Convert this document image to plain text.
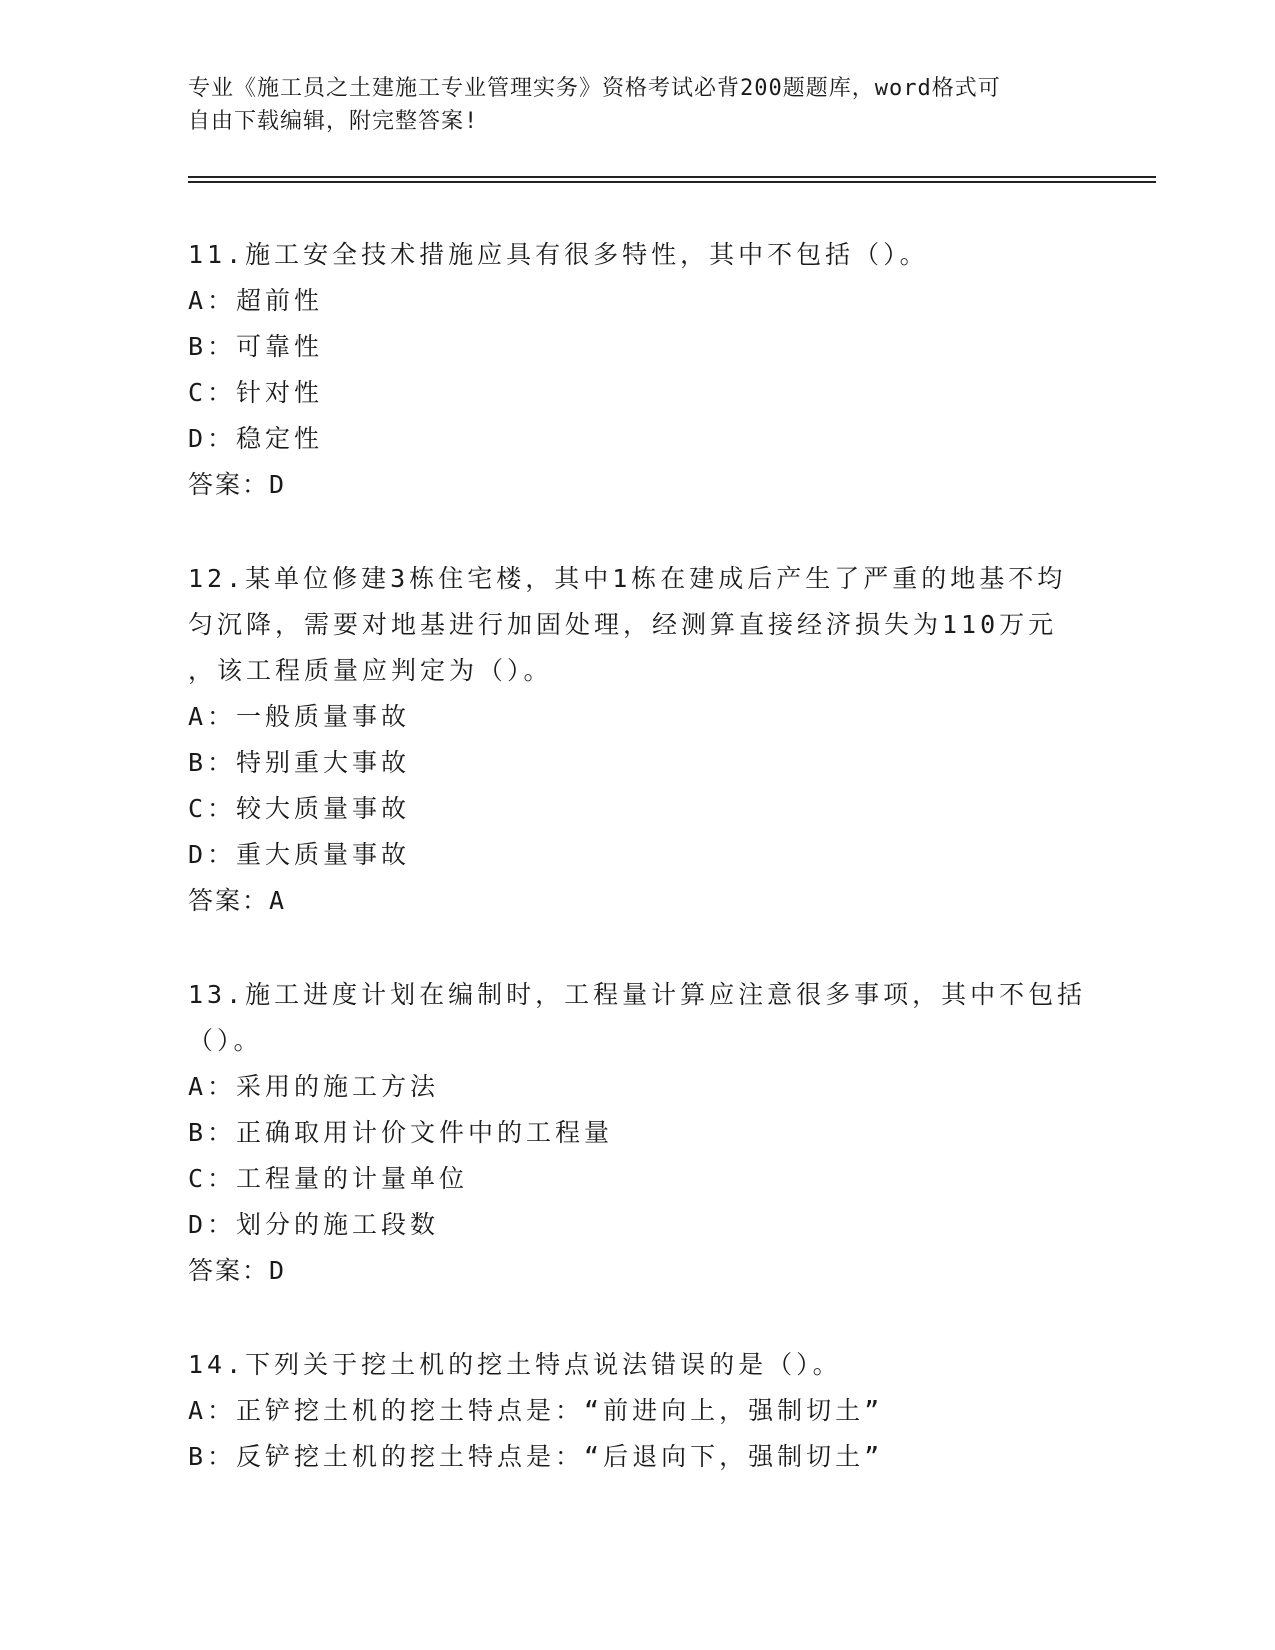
专业《施工员之土建施工专业管理实务》资格考试必背200题题库，word格式可
自由下载编辑，附完整答案!
11.施工安全技术措施应具有很多特性，其中不包括（）。
A：超前性
B：可靠性
C：针对性
D：稳定性
答案：D
12.某单位修建3栋住宅楼，其中1栋在建成后产生了严重的地基不均
匀沉降，需要对地基进行加固处理，经测算直接经济损失为110万元
，该工程质量应判定为（）。
A：一般质量事故
B：特别重大事故
C：较大质量事故
D：重大质量事故
答案：A
13.施工进度计划在编制时，工程量计算应注意很多事项，其中不包括
（）。
A：采用的施工方法
B：正确取用计价文件中的工程量
C：工程量的计量单位
D：划分的施工段数
答案：D
14.下列关于挖土机的挖土特点说法错误的是（）。
A：正铲挖土机的挖土特点是：“前进向上，强制切土”
B：反铲挖土机的挖土特点是：“后退向下，强制切土”
